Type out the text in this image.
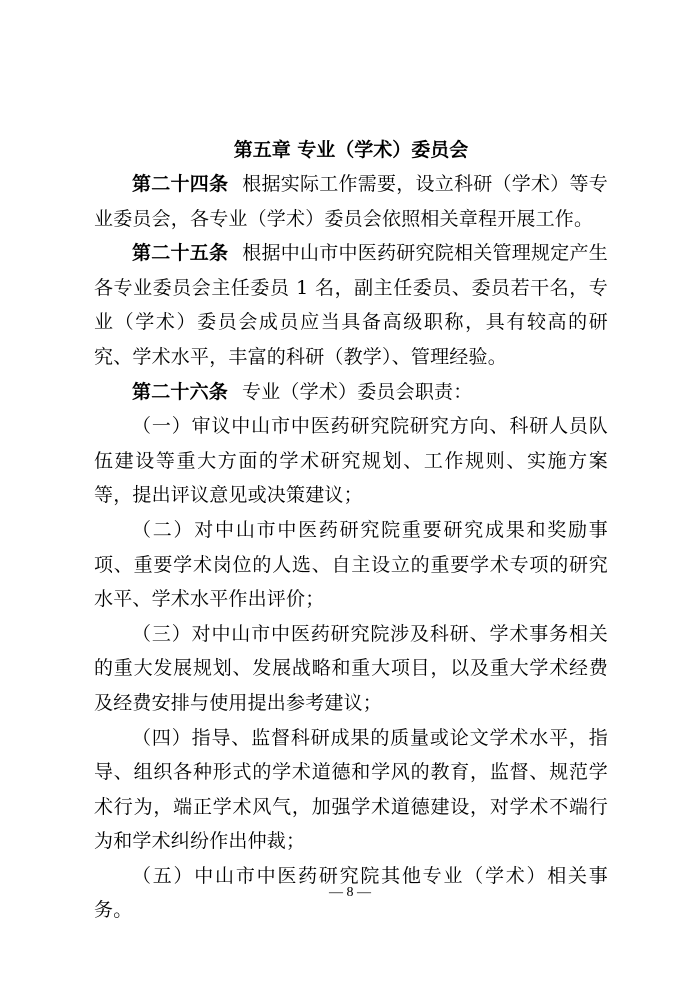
第五章 专业（学术）委员会

第二十四条 根据实际工作需要，设立科研（学术）等专业委员会，各专业（学术）委员会依照相关章程开展工作。

第二十五条 根据中山市中医药研究院相关管理规定产生各专业委员会主任委员 1 名，副主任委员、委员若干名，专业（学术）委员会成员应当具备高级职称，具有较高的研究、学术水平，丰富的科研（教学）、管理经验。

第二十六条 专业（学术）委员会职责：

（一）审议中山市中医药研究院研究方向、科研人员队伍建设等重大方面的学术研究规划、工作规则、实施方案等，提出评议意见或决策建议；

（二）对中山市中医药研究院重要研究成果和奖励事项、重要学术岗位的人选、自主设立的重要学术专项的研究水平、学术水平作出评价；

（三）对中山市中医药研究院涉及科研、学术事务相关的重大发展规划、发展战略和重大项目，以及重大学术经费及经费安排与使用提出参考建议；

（四）指导、监督科研成果的质量或论文学术水平，指导、组织各种形式的学术道德和学风的教育，监督、规范学术行为，端正学术风气，加强学术道德建设，对学术不端行为和学术纠纷作出仲裁；

（五）中山市中医药研究院其他专业（学术）相关事务。

— 8 —
